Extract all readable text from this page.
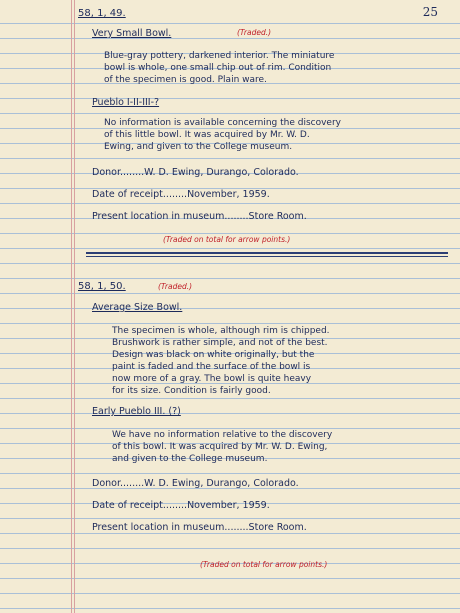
25
58, 1, 49.
Very Small Bowl.	(Traded.)
Blue-gray pottery, darkened interior. The miniature
bowl is whole, one small chip out of rim. Condition
of the specimen is good. Plain ware.
Pueblo I-II-III-?
No information is available concerning the discovery
of this little bowl. It was acquired by Mr. W. D.
Ewing, and given to the College museum.
Donor........W. D. Ewing, Durango, Colorado.
Date of receipt........November, 1959.
Present location in museum........Store Room.
(Traded on total for arrow points.)
58, 1, 50.	(Traded.)
Average Size Bowl.
The specimen is whole, although rim is chipped.
Brushwork is rather simple, and not of the best.
Design was black on white originally, but the
paint is faded and the surface of the bowl is
now more of a gray. The bowl is quite heavy
for its size. Condition is fairly good.
Early Pueblo III. (?)
We have no information relative to the discovery
of this bowl. It was acquired by Mr. W. D. Ewing,
and given to the College museum.
Donor........W. D. Ewing, Durango, Colorado.
Date of receipt........November, 1959.
Present location in museum........Store Room.
(Traded on total for arrow points.)
